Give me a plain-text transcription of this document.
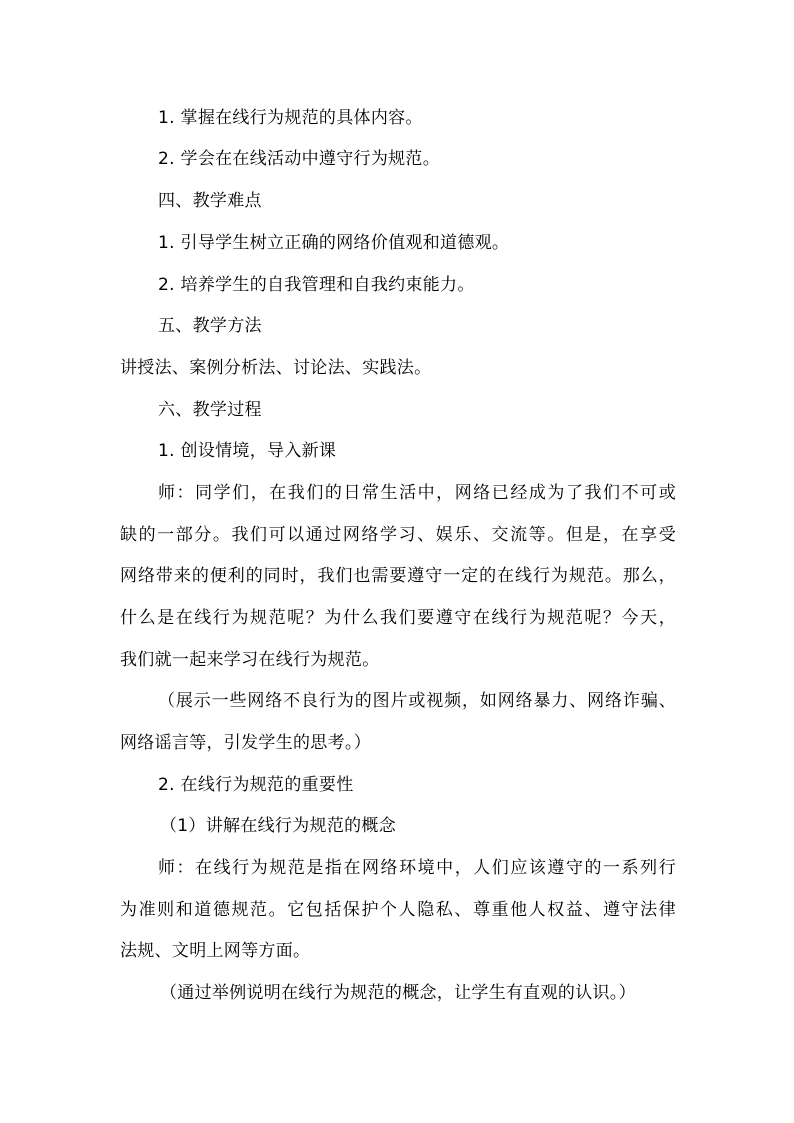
1. 掌握在线行为规范的具体内容。
2. 学会在在线活动中遵守行为规范。
四、教学难点
1. 引导学生树立正确的网络价值观和道德观。
2. 培养学生的自我管理和自我约束能力。
五、教学方法
讲授法、案例分析法、讨论法、实践法。
六、教学过程
1. 创设情境，导入新课
师：同学们，在我们的日常生活中，网络已经成为了我们不可或
缺的一部分。我们可以通过网络学习、娱乐、交流等。但是，在享受
网络带来的便利的同时，我们也需要遵守一定的在线行为规范。那么，
什么是在线行为规范呢？为什么我们要遵守在线行为规范呢？今天，
我们就一起来学习在线行为规范。
（展示一些网络不良行为的图片或视频，如网络暴力、网络诈骗、
网络谣言等，引发学生的思考。）
2. 在线行为规范的重要性
（1）讲解在线行为规范的概念
师：在线行为规范是指在网络环境中，人们应该遵守的一系列行
为准则和道德规范。它包括保护个人隐私、尊重他人权益、遵守法律
法规、文明上网等方面。
（通过举例说明在线行为规范的概念，让学生有直观的认识。）
